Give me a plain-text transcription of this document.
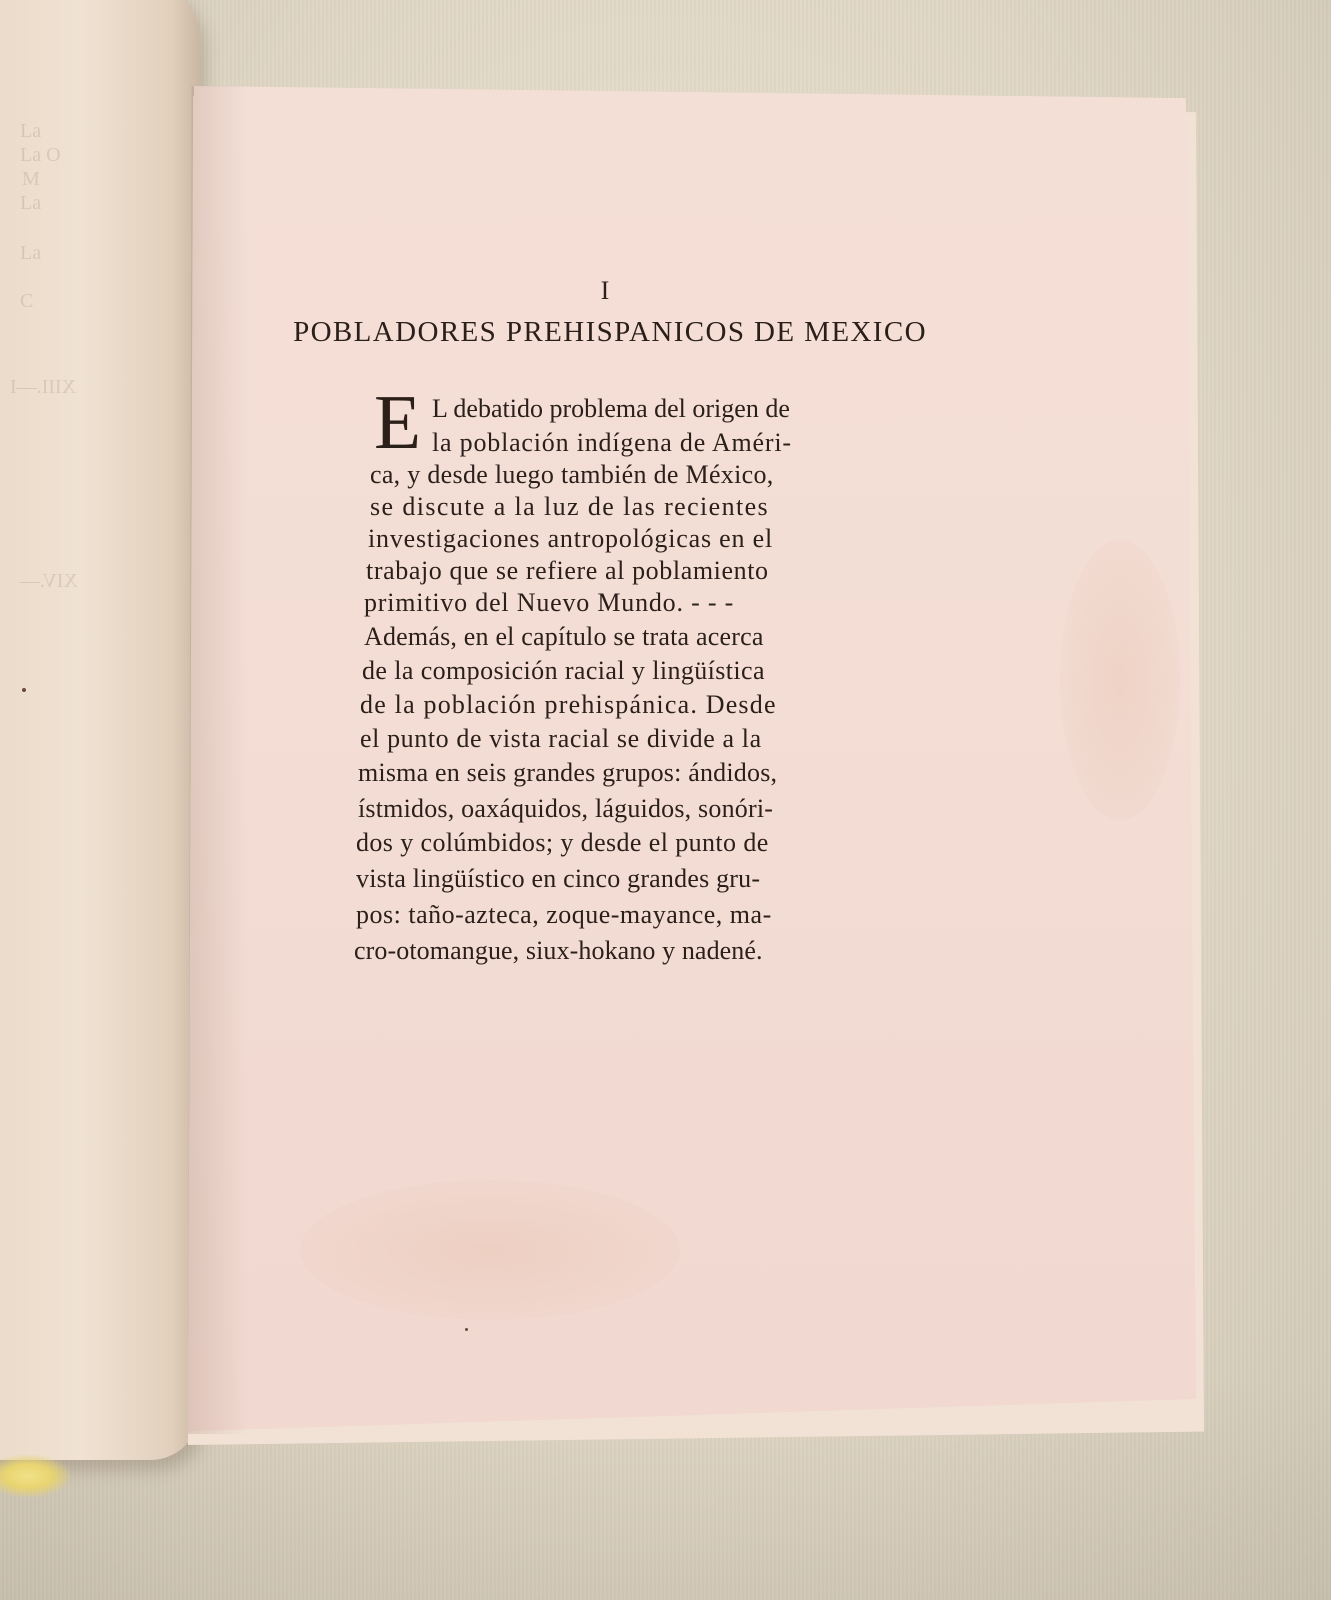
La
La O
M
La
La
C
XIII.—I
XIV.—
I
POBLADORES PREHISPANICOS DE MEXICO
E L debatido problema del origen de
la población indígena de Améri-
ca, y desde luego también de México,
se discute a la luz de las recientes
investigaciones antropológicas en el
trabajo que se refiere al poblamiento
primitivo del Nuevo Mundo. - - -
Además, en el capítulo se trata acerca
de la composición racial y lingüística
de la población prehispánica. Desde
el punto de vista racial se divide a la
misma en seis grandes grupos: ándidos,
ístmidos, oaxáquidos, láguidos, sonóri-
dos y colúmbidos; y desde el punto de
vista lingüístico en cinco grandes gru-
pos: taño-azteca, zoque-mayance, ma-
cro-otomangue, siux-hokano y nadené.
